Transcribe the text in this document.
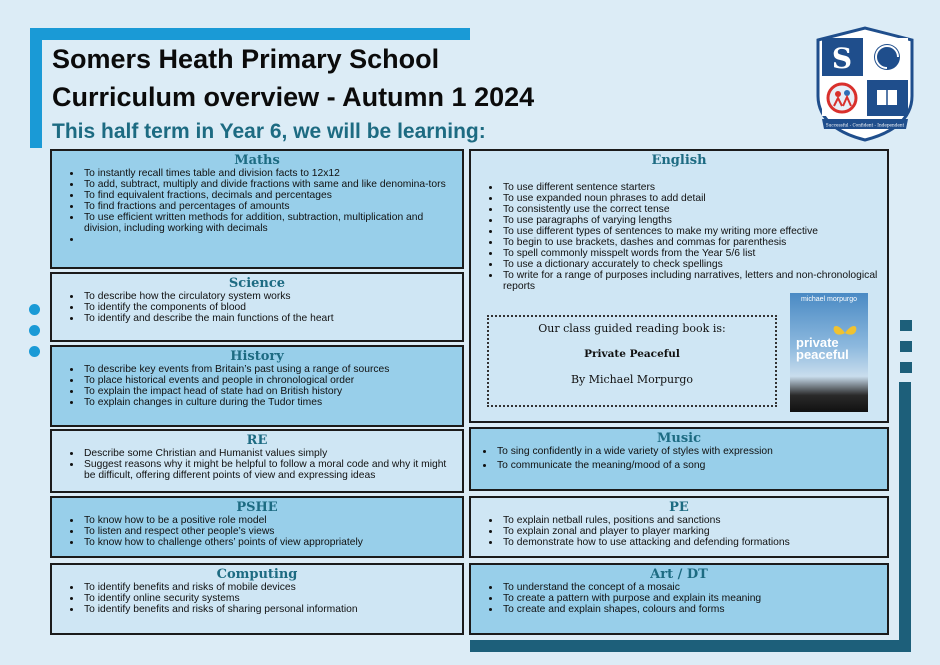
Somers Heath Primary School
Curriculum overview - Autumn 1 2024
This half term in Year 6, we will be learning:
S
Successful - Confident - Independent
Maths
• To instantly recall times table and division facts to 12x12
• To add, subtract, multiply and divide fractions with same and like denomina-tors
• To find equivalent fractions, decimals and percentages
• To find fractions and percentages of amounts
• To use efficient written methods for addition, subtraction, multiplication and division, including working with decimals
•
Science
• To describe how the circulatory system works
• To identify the components of blood
• To identify and describe the main functions of the heart
History
• To describe key events from Britain’s past using a range of sources
• To place historical events and people in chronological order
• To explain the impact head of state had on British history
• To explain changes in culture during the Tudor times
RE
• Describe some Christian and Humanist values simply
• Suggest reasons why it might be helpful to follow a moral code and why it might be difficult, offering different points of view and expressing ideas
PSHE
• To know how to be a positive role model
• To listen and respect other people’s views
• To know how to challenge others’ points of view appropriately
Computing
• To identify benefits and risks of mobile devices
• To identify online security systems
• To identify benefits and risks of sharing personal information
English
• To use different sentence starters
• To use expanded noun phrases to add detail
• To consistently use the correct tense
• To use paragraphs of varying lengths
• To use different types of sentences to make my writing more effective
• To begin to use brackets, dashes and commas for parenthesis
• To spell commonly misspelt words from the Year 5/6 list
• To use a dictionary accurately to check spellings
• To write for a range of purposes including narratives, letters and non-chronological reports
Our class guided reading book is:
Private Peaceful
By Michael Morpurgo
michael morpurgo
private
peaceful
Music
• To sing confidently in a wide variety of styles with expression
• To communicate the meaning/mood of a song
PE
• To explain netball rules, positions and sanctions
• To explain zonal and player to player marking
• To demonstrate how to use attacking and defending formations
Art / DT
• To understand the concept of a mosaic
• To create a pattern with purpose and explain its meaning
• To create and explain shapes, colours and forms
